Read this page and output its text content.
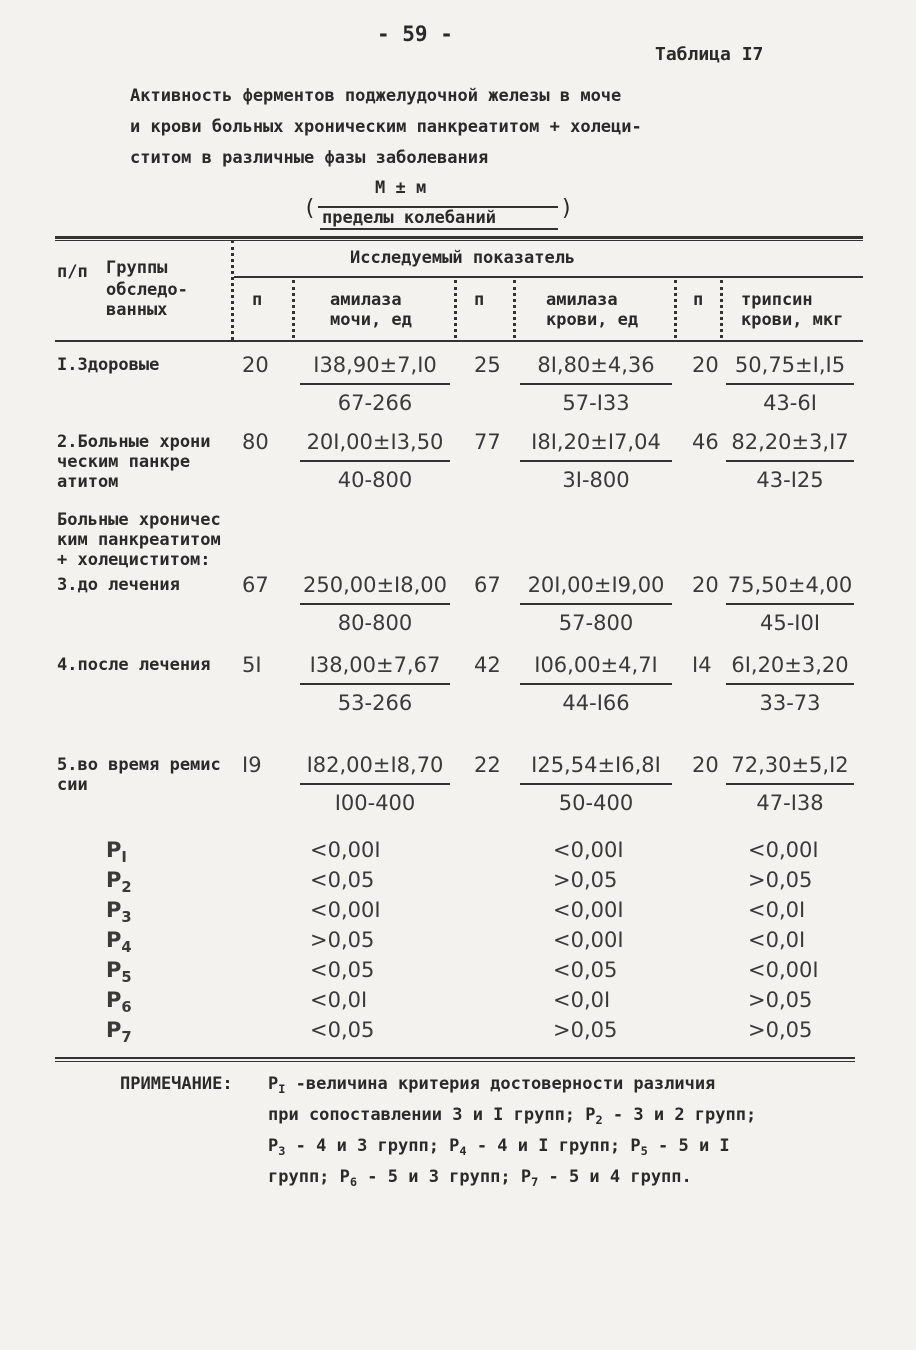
- 59 -
Таблица I7
Активность ферментов поджелудочной железы в моче
и крови больных хроническим панкреатитом + холеци-
ститом в различные фазы заболевания
(
M ± м
пределы колебаний	)
п/п Группы
обследо-
ванных
Исследуемый показатель
п	амилаза
мочи, ед
п	амилаза
крови, ед
п трипсин
крови, мкг
I.Здоровые	20	I38,90±7,I0
67-266
25	8I,80±4,36
57-I33
20 50,75±I,I5
43-6I
2.Больные хрони
ческим панкре
атитом
80	20I,00±I3,50
40-800
77	I8I,20±I7,04
3I-800
46 82,20±3,I7
43-I25
3.до лечения	67 250,00±I8,00
80-800
67	20I,00±I9,00
57-800
20 75,50±4,00
45-I0I
4.после лечения 5I	I38,00±7,67
53-266
42	I06,00±4,7I
44-I66
I4 6I,20±3,20
33-73
5.во время ремис
сии
I9	I82,00±I8,70
I00-400
22	I25,54±I6,8I
50-400
20 72,30±5,I2
47-I38
Больные хроничес
ким панкреатитом
+ холециститом:
$P_I$	<0,00I	<0,00I	<0,00I
$P_2$	<0,05	>0,05	>0,05
$P_3$	<0,00I	<0,00I	<0,0I
$P_4$	>0,05	<0,00I	<0,0I
$P_5$	<0,05	<0,05	<0,00I
$P_6$	<0,0I	<0,0I	>0,05
$P_7$	<0,05	>0,05	>0,05
ПРИМЕЧАНИЕ: $P_I$ -величина критерия достоверности различия
при сопоставлении 3 и I групп; $P_2 - 3$ и 2 групп;
$P_3 - 4$ и 3 групп; $P_4 - 4$ и I групп; $P_5 - 5$ и I
групп; $P_6 - 5$ и 3 групп; $P_7 - 5$ и 4 групп.
